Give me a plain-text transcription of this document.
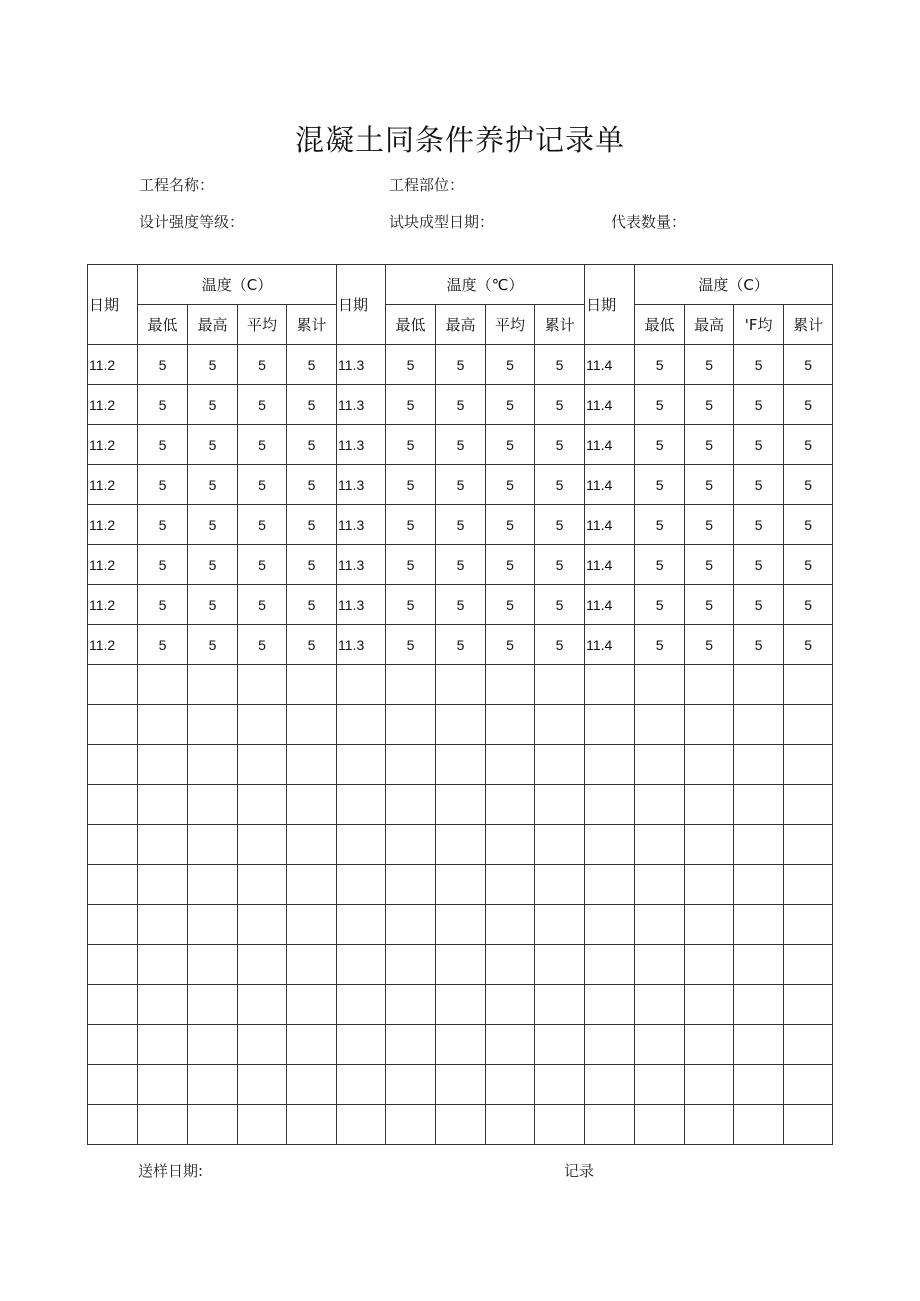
混凝土同条件养护记录单
工程名称：	工程部位：
设计强度等级：	试块成型日期：	代表数量：
日期	温度（C）				日期	温度（℃）				日期	温度（C）			
	最低	最高	平均	累计		最低	最高	平均	累计		最低	最高	'F均	累计
11.2	5	5	5	5	11.3	5	5	5	5	11.4	5	5	5	5
11.2	5	5	5	5	11.3	5	5	5	5	11.4	5	5	5	5
11.2	5	5	5	5	11.3	5	5	5	5	11.4	5	5	5	5
11.2	5	5	5	5	11.3	5	5	5	5	11.4	5	5	5	5
11.2	5	5	5	5	11.3	5	5	5	5	11.4	5	5	5	5
11.2	5	5	5	5	11.3	5	5	5	5	11.4	5	5	5	5
11.2	5	5	5	5	11.3	5	5	5	5	11.4	5	5	5	5
11.2	5	5	5	5	11.3	5	5	5	5	11.4	5	5	5	5

送样日期:	记录
